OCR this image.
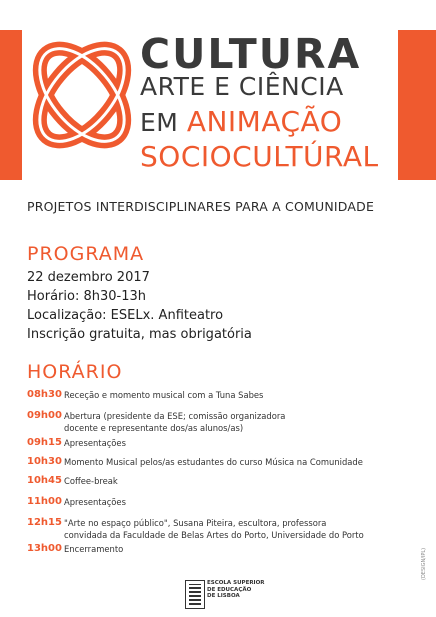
CULTURA
ARTE E CIÊNCIA
EM ANIMAÇÃO
SOCIOCULTÚRAL
PROJETOS INTERDISCIPLINARES PARA A COMUNIDADE
PROGRAMA
22 dezembro 2017
Horário: 8h30-13h
Localização: ESELx. Anfiteatro
Inscrição gratuita, mas obrigatória
HORÁRIO
08h30 Receção e momento musical com a Tuna Sabes
09h00 Abertura (presidente da ESE; comissão organizadora
docente e representante dos/as alunos/as)
09h15 Apresentações
10h30 Momento Musical pelos/as estudantes do curso Música na Comunidade
10h45 Coffee-break
11h00 Apresentações
12h15 "Arte no espaço público", Susana Piteira, escultora, professora
convidada da Faculdade de Belas Artes do Porto, Universidade do Porto
13h00 Encerramento
ESCOLA SUPERIOR
DE EDUCAÇÃO
DE LISBOA
(DESIGN/IPL)
